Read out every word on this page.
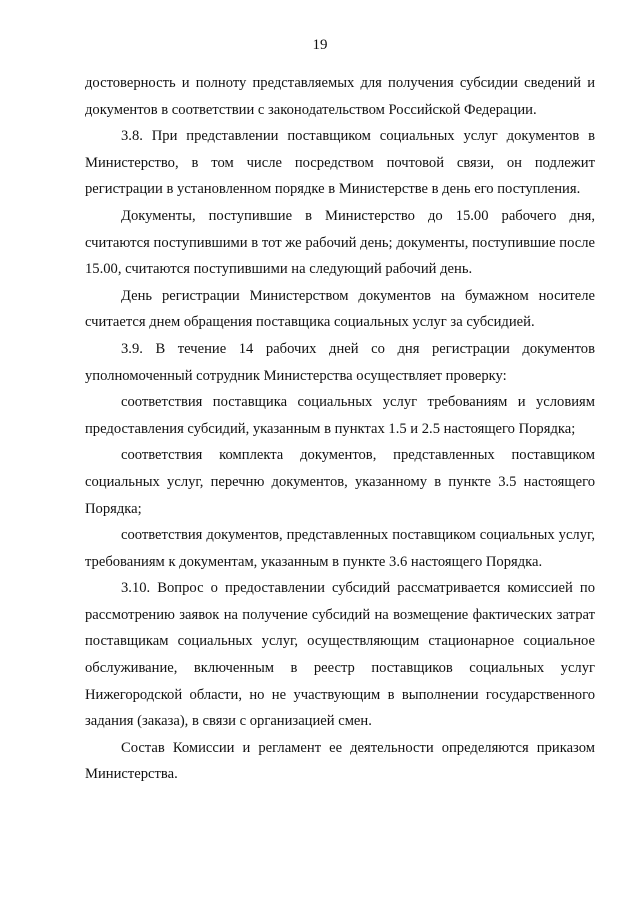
19

достоверность и полноту представляемых для получения субсидии сведений и документов в соответствии с законодательством Российской Федерации.

3.8. При представлении поставщиком социальных услуг документов в Министерство, в том числе посредством почтовой связи, он подлежит регистрации в установленном порядке в Министерстве в день его поступления.

Документы, поступившие в Министерство до 15.00 рабочего дня, считаются поступившими в тот же рабочий день; документы, поступившие после 15.00, считаются поступившими на следующий рабочий день.

День регистрации Министерством документов на бумажном носителе считается днем обращения поставщика социальных услуг за субсидией.

3.9. В течение 14 рабочих дней со дня регистрации документов уполномоченный сотрудник Министерства осуществляет проверку:

соответствия поставщика социальных услуг требованиям и условиям предоставления субсидий, указанным в пунктах 1.5 и 2.5 настоящего Порядка;

соответствия комплекта документов, представленных поставщиком социальных услуг, перечню документов, указанному в пункте 3.5 настоящего Порядка;

соответствия документов, представленных поставщиком социальных услуг, требованиям к документам, указанным в пункте 3.6 настоящего Порядка.

3.10. Вопрос о предоставлении субсидий рассматривается комиссией по рассмотрению заявок на получение субсидий на возмещение фактических затрат поставщикам социальных услуг, осуществляющим стационарное социальное обслуживание, включенным в реестр поставщиков социальных услуг Нижегородской области, но не участвующим в выполнении государственного задания (заказа), в связи с организацией смен.

Состав Комиссии и регламент ее деятельности определяются приказом Министерства.
